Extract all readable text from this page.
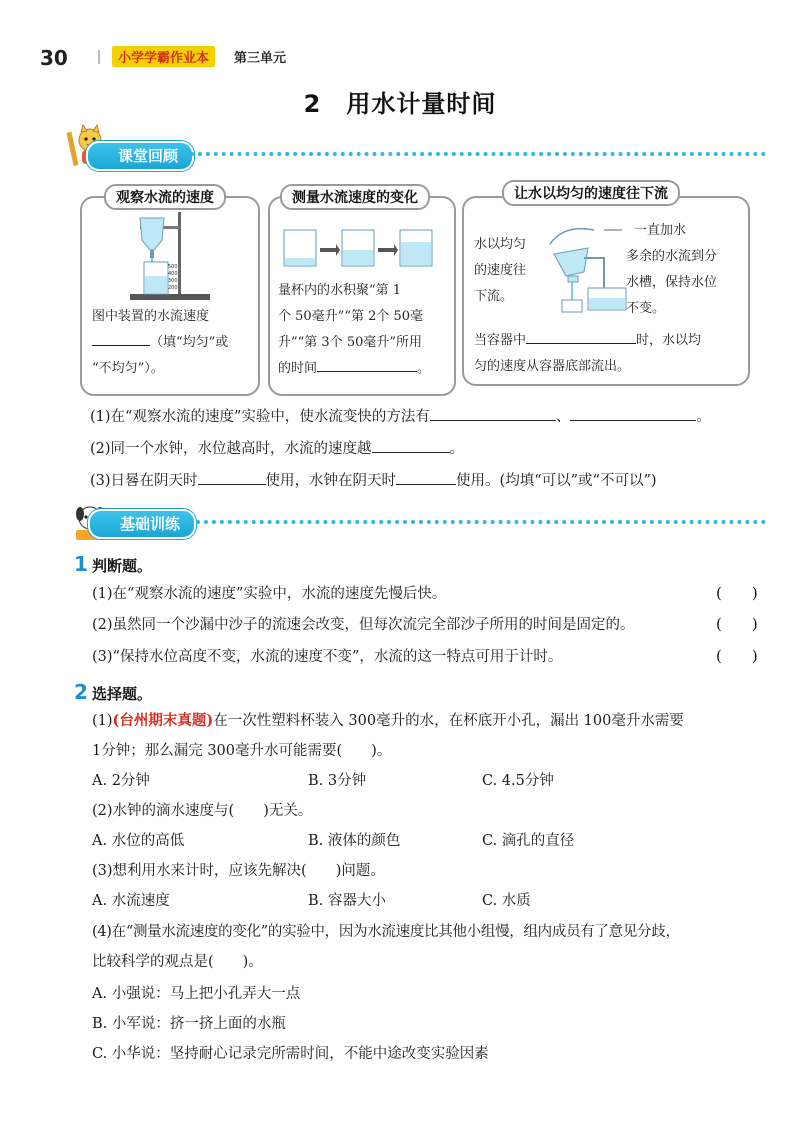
30	小学学霸作业本	第三单元
2　用水计量时间
课堂回顾
观察水流的速度
500
400
300
200
图中装置的水流速度
（填“均匀”或
“不均匀”）。
测量水流速度的变化
量杯内的水积聚“第 1
个 50毫升”“第 2个 50毫
升”“第 3个 50毫升”所用
的时间	。
让水以均匀的速度往下流
水以均匀
的速度往
下流。
一直加水
多余的水流到分
水槽，保持水位
不变。
当容器中	时，水以均
匀的速度从容器底部流出。
(1)在“观察水流的速度”实验中，使水流变快的方法有	、	。
(2)同一个水钟，水位越高时，水流的速度越	。
(3)日晷在阴天时	使用，水钟在阴天时	使用。(均填“可以”或“不可以”)
基础训练
1 判断题。
(1)在“观察水流的速度”实验中，水流的速度先慢后快。	(　　)
(2)虽然同一个沙漏中沙子的流速会改变，但每次流完全部沙子所用的时间是固定的。	(　　)
(3)“保持水位高度不变，水流的速度不变”，水流的这一特点可用于计时。	(　　)
2 选择题。
(1)(台州期末真题)在一次性塑料杯装入 300毫升的水，在杯底开小孔，漏出 100毫升水需要
1分钟；那么漏完 300毫升水可能需要(　　)。
A. 2分钟	B. 3分钟	C. 4.5分钟
(2)水钟的滴水速度与(　　)无关。
A. 水位的高低	B. 液体的颜色	C. 滴孔的直径
(3)想利用水来计时，应该先解决(　　)问题。
A. 水流速度	B. 容器大小	C. 水质
(4)在“测量水流速度的变化”的实验中，因为水流速度比其他小组慢，组内成员有了意见分歧，
比较科学的观点是(　　)。
A. 小强说：马上把小孔弄大一点
B. 小军说：挤一挤上面的水瓶
C. 小华说：坚持耐心记录完所需时间，不能中途改变实验因素
